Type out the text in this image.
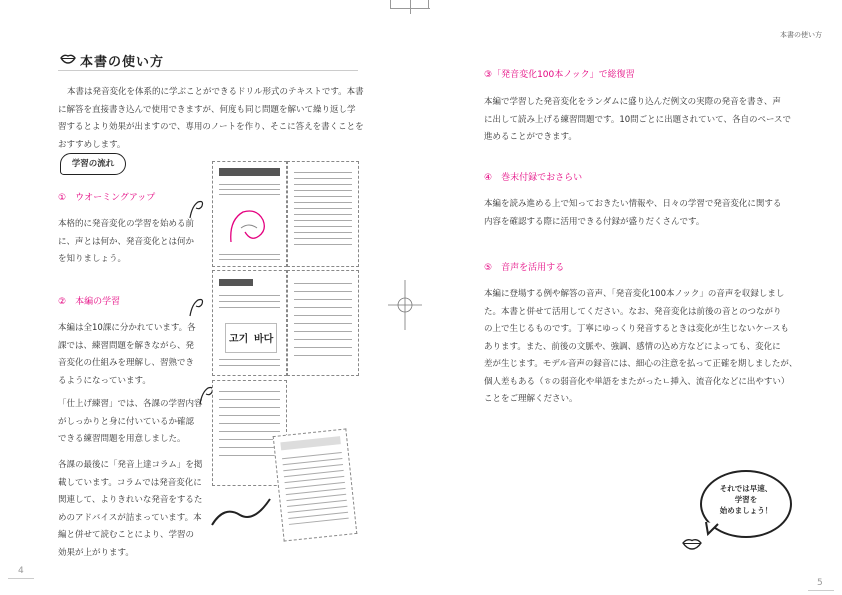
本書の使い方
本書の使い方
本書は発音変化を体系的に学ぶことができるドリル形式のテキストです。本書
に解答を直接書き込んで使用できますが、何度も同じ問題を解いて繰り返し学
習するとより効果が出ますので、専用のノートを作り、そこに答えを書くことを
おすすめします。
学習の流れ
①　ウオーミングアップ
本格的に発音変化の学習を始める前
に、声とは何か、発音変化とは何か
を知りましょう。
②　本編の学習
本編は全10課に分かれています。各
課では、練習問題を解きながら、発
音変化の仕組みを理解し、習熟でき
るようになっています。
「仕上げ練習」では、各課の学習内容
がしっかりと身に付いているか確認
できる練習問題を用意しました。
各課の最後に「発音上達コラム」を掲
載しています。コラムでは発音変化に
関連して、よりきれいな発音をするた
めのアドバイスが詰まっています。本
編と併せて読むことにより、学習の
効果が上がります。
고기 바다
③「発音変化100本ノック」で総復習
本編で学習した発音変化をランダムに盛り込んだ例文の実際の発音を書き、声
に出して読み上げる練習問題です。10問ごとに出題されていて、各自のペースで
進めることができます。
④　巻末付録でおさらい
本編を読み進める上で知っておきたい情報や、日々の学習で発音変化に関する
内容を確認する際に活用できる付録が盛りだくさんです。
⑤　音声を活用する
本編に登場する例や解答の音声、「発音変化100本ノック」の音声を収録しまし
た。本書と併せて活用してください。なお、発音変化は前後の音とのつながり
の上で生じるものです。丁寧にゆっくり発音するときは変化が生じないケースも
あります。また、前後の文脈や、強調、感情の込め方などによっても、変化に
差が生じます。モデル音声の録音には、細心の注意を払って正確を期しましたが、
個人差もある（ㅎの弱音化や単語をまたがったㄴ挿入、流音化などに出やすい）
ことをご理解ください。
それでは早速、
学習を
始めましょう！
4
5
